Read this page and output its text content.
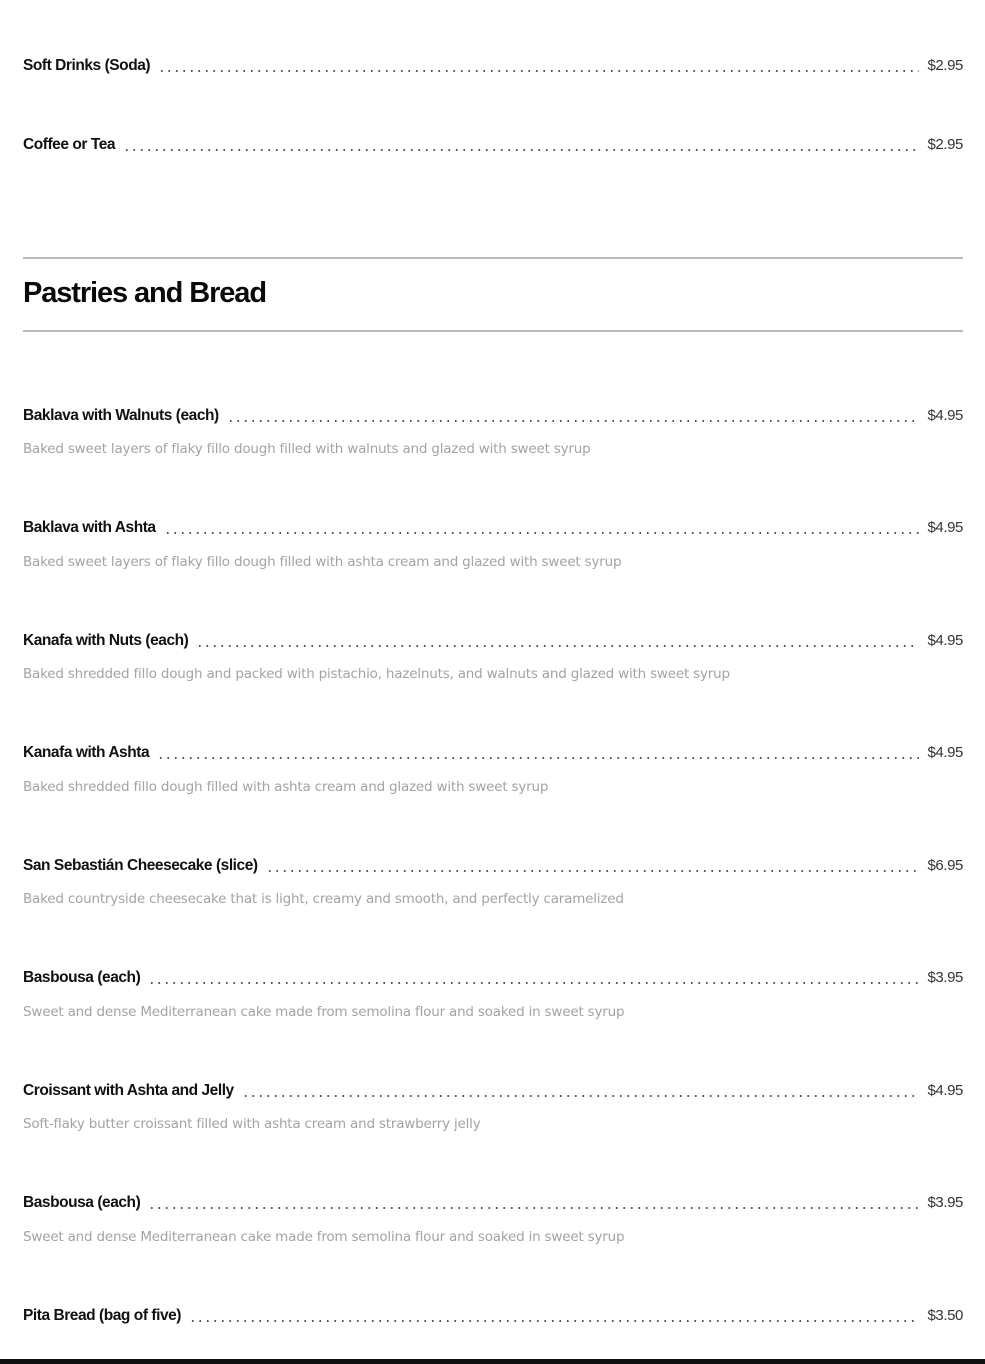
Soft Drinks (Soda)	$2.95
Coffee or Tea	$2.95
Pastries and Bread
Baklava with Walnuts (each)	$4.95
Baked sweet layers of flaky fillo dough filled with walnuts and glazed with sweet syrup
Baklava with Ashta	$4.95
Baked sweet layers of flaky fillo dough filled with ashta cream and glazed with sweet syrup
Kanafa with Nuts (each)	$4.95
Baked shredded fillo dough and packed with pistachio, hazelnuts, and walnuts and glazed with sweet syrup
Kanafa with Ashta	$4.95
Baked shredded fillo dough filled with ashta cream and glazed with sweet syrup
San Sebastián Cheesecake (slice)	$6.95
Baked countryside cheesecake that is light, creamy and smooth, and perfectly caramelized
Basbousa (each)	$3.95
Sweet and dense Mediterranean cake made from semolina flour and soaked in sweet syrup
Croissant with Ashta and Jelly	$4.95
Soft-flaky butter croissant filled with ashta cream and strawberry jelly
Basbousa (each)	$3.95
Sweet and dense Mediterranean cake made from semolina flour and soaked in sweet syrup
Pita Bread (bag of five)	$3.50
